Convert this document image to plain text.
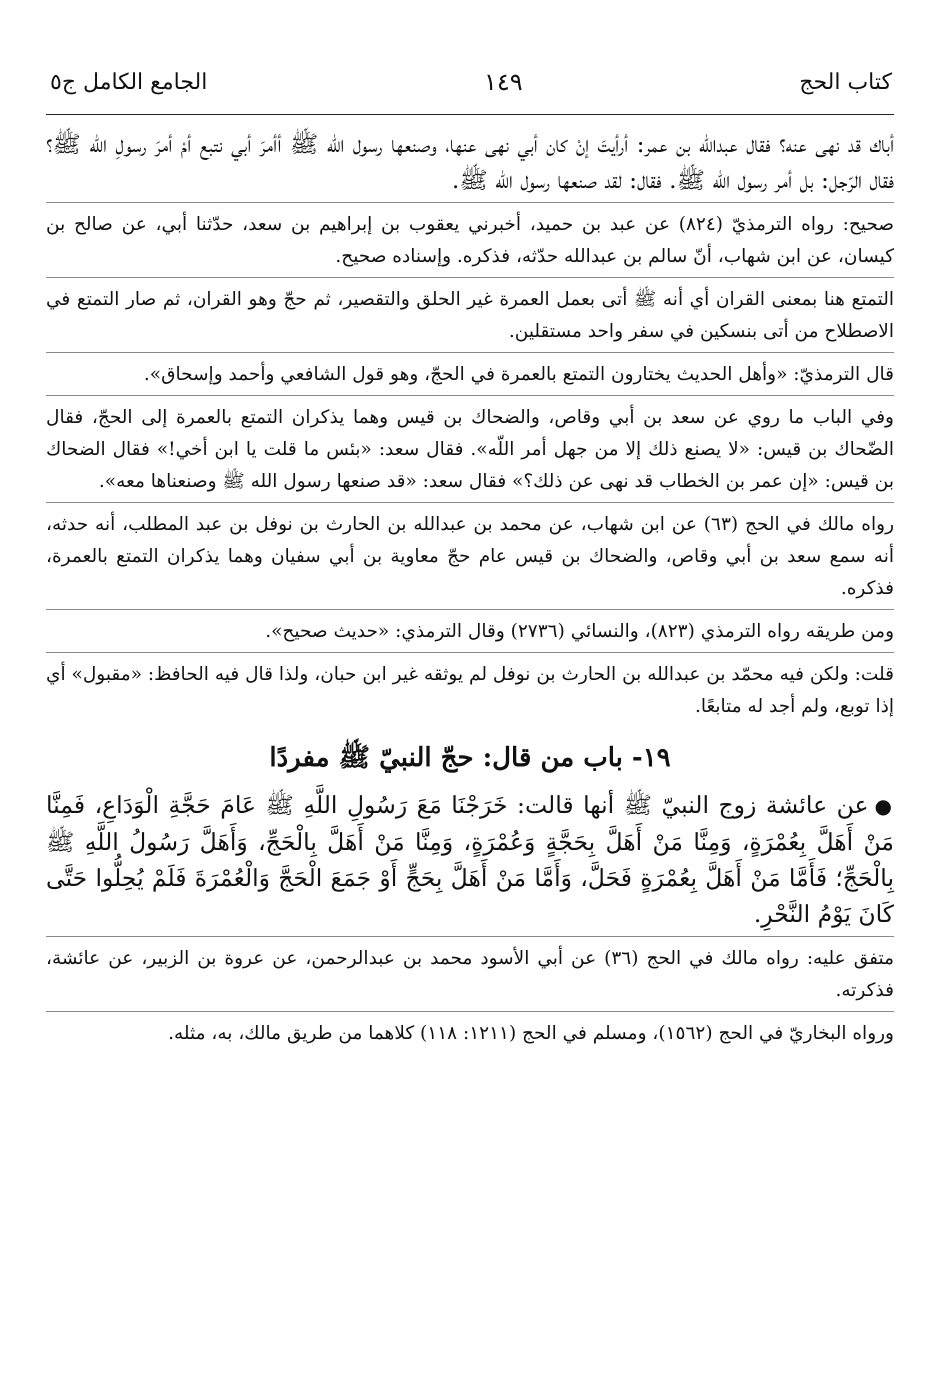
كتاب الحج
١٤٩
الجامع الكامل ج٥

أباك قد نهى عنه؟ فقال عبدالله بن عمر: أرأيتَ إنْ كان أبي نهى عنها، وصنعها رسول الله ﷺ أأمرَ أبي نتبع أمْ أمرَ رسولِ الله ﷺ؟ فقال الرّجل: بل أمر رسول الله ﷺ. فقال: لقد صنعها رسول الله ﷺ.

صحيح: رواه الترمذيّ (٨٢٤) عن عبد بن حميد، أخبرني يعقوب بن إبراهيم بن سعد، حدّثنا أبي، عن صالح بن كيسان، عن ابن شهاب، أنّ سالم بن عبدالله حدّثه، فذكره. وإسناده صحيح.

التمتع هنا بمعنى القران أي أنه ﷺ أتى بعمل العمرة غير الحلق والتقصير، ثم حجّ وهو القران، ثم صار التمتع في الاصطلاح من أتى بنسكين في سفر واحد مستقلين.

قال الترمذيّ: «وأهل الحديث يختارون التمتع بالعمرة في الحجّ، وهو قول الشافعي وأحمد وإسحاق».

وفي الباب ما روي عن سعد بن أبي وقاص، والضحاك بن قيس وهما يذكران التمتع بالعمرة إلى الحجّ، فقال الضّحاك بن قيس: «لا يصنع ذلك إلا من جهل أمر اللّه». فقال سعد: «بئس ما قلت يا ابن أخي!» فقال الضحاك بن قيس: «إن عمر بن الخطاب قد نهى عن ذلك؟» فقال سعد: «قد صنعها رسول الله ﷺ وصنعناها معه».

رواه مالك في الحج (٦٣) عن ابن شهاب، عن محمد بن عبدالله بن الحارث بن نوفل بن عبد المطلب، أنه حدثه، أنه سمع سعد بن أبي وقاص، والضحاك بن قيس عام حجّ معاوية بن أبي سفيان وهما يذكران التمتع بالعمرة، فذكره.

ومن طريقه رواه الترمذي (٨٢٣)، والنسائي (٢٧٣٦) وقال الترمذي: «حديث صحيح».

قلت: ولكن فيه محمّد بن عبدالله بن الحارث بن نوفل لم يوثقه غير ابن حبان، ولذا قال فيه الحافظ: «مقبول» أي إذا توبع، ولم أجد له متابعًا.

١٩- باب من قال: حجّ النبيّ ﷺ مفردًا

●عن عائشة زوج النبيّ ﷺ أنها قالت: خَرَجْنَا مَعَ رَسُولِ اللَّهِ ﷺ عَامَ حَجَّةِ الْوَدَاعِ، فَمِنَّا مَنْ أَهَلَّ بِعُمْرَةٍ، وَمِنَّا مَنْ أَهَلَّ بِحَجَّةٍ وَعُمْرَةٍ، وَمِنَّا مَنْ أَهَلَّ بِالْحَجِّ، وَأَهَلَّ رَسُولُ اللَّهِ ﷺ بِالْحَجِّ؛ فَأَمَّا مَنْ أَهَلَّ بِعُمْرَةٍ فَحَلَّ، وَأَمَّا مَنْ أَهَلَّ بِحَجٍّ أَوْ جَمَعَ الْحَجَّ وَالْعُمْرَةَ فَلَمْ يُحِلُّوا حَتَّى كَانَ يَوْمُ النَّحْرِ.

متفق عليه: رواه مالك في الحج (٣٦) عن أبي الأسود محمد بن عبدالرحمن، عن عروة بن الزبير، عن عائشة، فذكرته.

ورواه البخاريّ في الحج (١٥٦٢)، ومسلم في الحج (١٢١١: ١١٨) كلاهما من طريق مالك، به، مثله.
